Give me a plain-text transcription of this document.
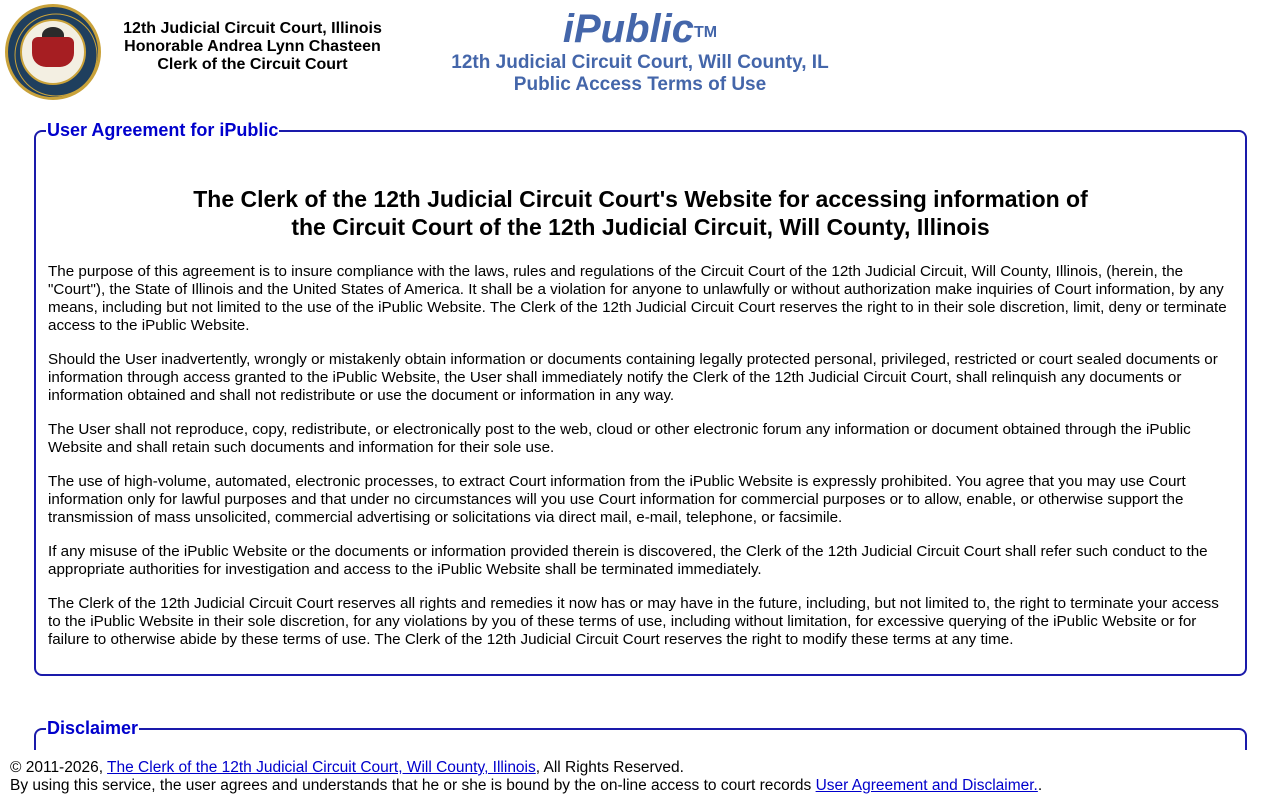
12th Judicial Circuit Court, Illinois
Honorable Andrea Lynn Chasteen
Clerk of the Circuit Court
iPublic™
12th Judicial Circuit Court, Will County, IL
Public Access Terms of Use
User Agreement for iPublic
The Clerk of the 12th Judicial Circuit Court's Website for accessing information of
the Circuit Court of the 12th Judicial Circuit, Will County, Illinois

The purpose of this agreement is to insure compliance with the laws, rules and regulations of the Circuit Court of the 12th Judicial Circuit, Will County, Illinois, (herein, the "Court"), the State of Illinois and the United States of America. It shall be a violation for anyone to unlawfully or without authorization make inquiries of Court information, by any means, including but not limited to the use of the iPublic Website. The Clerk of the 12th Judicial Circuit Court reserves the right to in their sole discretion, limit, deny or terminate access to the iPublic Website.

Should the User inadvertently, wrongly or mistakenly obtain information or documents containing legally protected personal, privileged, restricted or court sealed documents or information through access granted to the iPublic Website, the User shall immediately notify the Clerk of the 12th Judicial Circuit Court, shall relinquish any documents or information obtained and shall not redistribute or use the document or information in any way.

The User shall not reproduce, copy, redistribute, or electronically post to the web, cloud or other electronic forum any information or document obtained through the iPublic Website and shall retain such documents and information for their sole use.

The use of high-volume, automated, electronic processes, to extract Court information from the iPublic Website is expressly prohibited. You agree that you may use Court information only for lawful purposes and that under no circumstances will you use Court information for commercial purposes or to allow, enable, or otherwise support the transmission of mass unsolicited, commercial advertising or solicitations via direct mail, e-mail, telephone, or facsimile.

If any misuse of the iPublic Website or the documents or information provided therein is discovered, the Clerk of the 12th Judicial Circuit Court shall refer such conduct to the appropriate authorities for investigation and access to the iPublic Website shall be terminated immediately.

The Clerk of the 12th Judicial Circuit Court reserves all rights and remedies it now has or may have in the future, including, but not limited to, the right to terminate your access to the iPublic Website in their sole discretion, for any violations by you of these terms of use, including without limitation, for excessive querying of the iPublic Website or for failure to otherwise abide by these terms of use. The Clerk of the 12th Judicial Circuit Court reserves the right to modify these terms at any time.

Disclaimer
© 2011-2026, The Clerk of the 12th Judicial Circuit Court, Will County, Illinois, All Rights Reserved.
By using this service, the user agrees and understands that he or she is bound by the on-line access to court records User Agreement and Disclaimer..
